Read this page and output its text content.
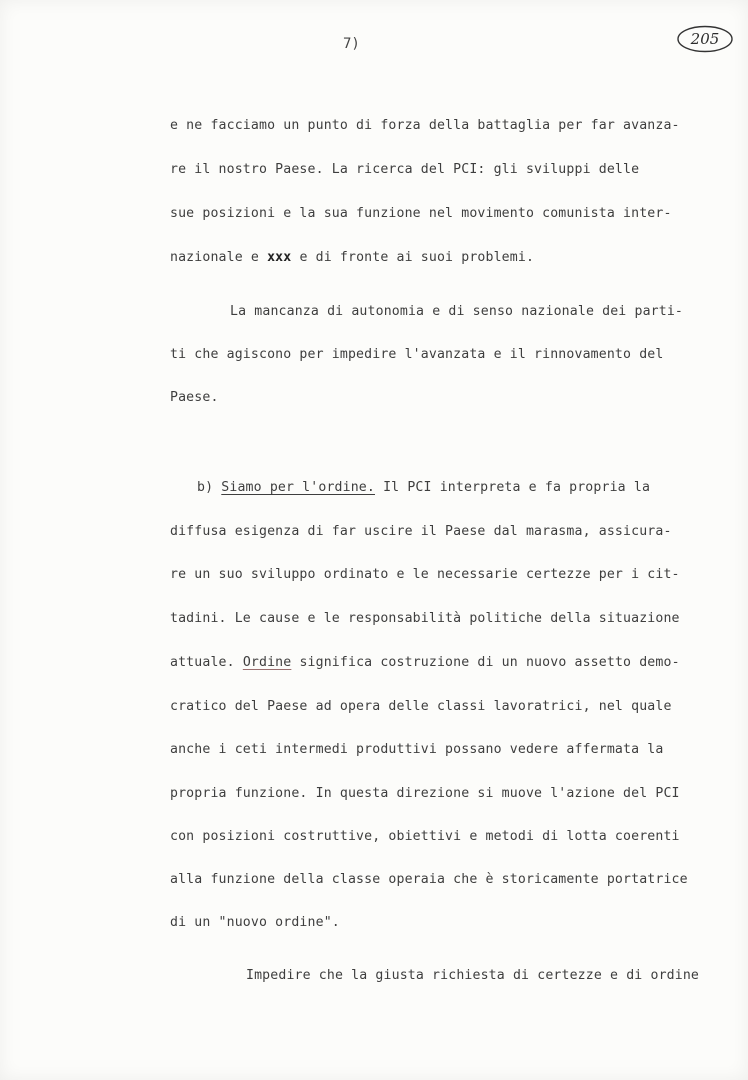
7)	205
e ne facciamo un punto di forza della battaglia per far avanza-
re il nostro Paese. La ricerca del PCI: gli sviluppi delle
sue posizioni e la sua funzione nel movimento comunista inter-
nazionale e xxx e di fronte ai suoi problemi.
La mancanza di autonomia e di senso nazionale dei parti-
ti che agiscono per impedire l'avanzata e il rinnovamento del
Paese.
b) Siamo per l'ordine. Il PCI interpreta e fa propria la
diffusa esigenza di far uscire il Paese dal marasma, assicura-
re un suo sviluppo ordinato e le necessarie certezze per i cit-
tadini. Le cause e le responsabilità politiche della situazione
attuale. Ordine significa costruzione di un nuovo assetto demo-
cratico del Paese ad opera delle classi lavoratrici, nel quale
anche i ceti intermedi produttivi possano vedere affermata la
propria funzione. In questa direzione si muove l'azione del PCI
con posizioni costruttive, obiettivi e metodi di lotta coerenti
alla funzione della classe operaia che è storicamente portatrice
di un "nuovo ordine".
Impedire che la giusta richiesta di certezze e di ordine
